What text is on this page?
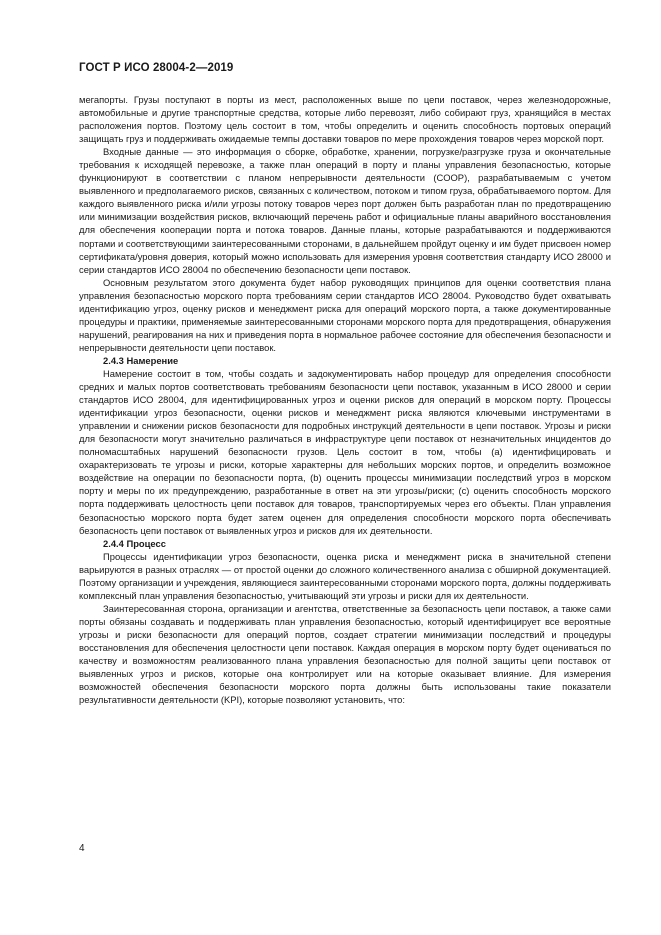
ГОСТ Р ИСО 28004-2—2019

мегапорты. Грузы поступают в порты из мест, расположенных выше по цепи поставок, через железнодорожные, автомобильные и другие транспортные средства, которые либо перевозят, либо собирают груз, хранящийся в местах расположения портов. Поэтому цель состоит в том, чтобы определить и оценить способность портовых операций защищать груз и поддерживать ожидаемые темпы доставки товаров по мере прохождения товаров через морской порт.

Входные данные — это информация о сборке, обработке, хранении, погрузке/разгрузке груза и окончательные требования к исходящей перевозке, а также план операций в порту и планы управления безопасностью, которые функционируют в соответствии с планом непрерывности деятельности (COOP), разрабатываемым с учетом выявленного и предполагаемого рисков, связанных с количеством, потоком и типом груза, обрабатываемого портом. Для каждого выявленного риска и/или угрозы потоку товаров через порт должен быть разработан план по предотвращению или минимизации воздействия рисков, включающий перечень работ и официальные планы аварийного восстановления для обеспечения кооперации порта и потока товаров. Данные планы, которые разрабатываются и поддерживаются портами и соответствующими заинтересованными сторонами, в дальнейшем пройдут оценку и им будет присвоен номер сертификата/уровня доверия, который можно использовать для измерения уровня соответствия стандарту ИСО 28000 и серии стандартов ИСО 28004 по обеспечению безопасности цепи поставок.

Основным результатом этого документа будет набор руководящих принципов для оценки соответствия плана управления безопасностью морского порта требованиям серии стандартов ИСО 28004. Руководство будет охватывать идентификацию угроз, оценку рисков и менеджмент риска для операций морского порта, а также документированные процедуры и практики, применяемые заинтересованными сторонами морского порта для предотвращения, обнаружения нарушений, реагирования на них и приведения порта в нормальное рабочее состояние для обеспечения безопасности и непрерывности деятельности цепи поставок.

2.4.3 Намерение

Намерение состоит в том, чтобы создать и задокументировать набор процедур для определения способности средних и малых портов соответствовать требованиям безопасности цепи поставок, указанным в ИСО 28000 и серии стандартов ИСО 28004, для идентифицированных угроз и оценки рисков для операций в морском порту. Процессы идентификации угроз безопасности, оценки рисков и менеджмент риска являются ключевыми инструментами в управлении и снижении рисков безопасности для подробных инструкций деятельности в цепи поставок. Угрозы и риски для безопасности могут значительно различаться в инфраструктуре цепи поставок от незначительных инцидентов до полномасштабных нарушений безопасности грузов. Цель состоит в том, чтобы (a) идентифицировать и охарактеризовать те угрозы и риски, которые характерны для небольших морских портов, и определить возможное воздействие на операции по безопасности порта, (b) оценить процессы минимизации последствий угроз в морском порту и меры по их предупреждению, разработанные в ответ на эти угрозы/риски; (c) оценить способность морского порта поддерживать целостность цепи поставок для товаров, транспортируемых через его объекты. План управления безопасностью морского порта будет затем оценен для определения способности морского порта обеспечивать безопасность цепи поставок от выявленных угроз и рисков для их деятельности.

2.4.4 Процесс

Процессы идентификации угроз безопасности, оценка риска и менеджмент риска в значительной степени варьируются в разных отраслях — от простой оценки до сложного количественного анализа с обширной документацией. Поэтому организации и учреждения, являющиеся заинтересованными сторонами морского порта, должны поддерживать комплексный план управления безопасностью, учитывающий эти угрозы и риски для их деятельности.

Заинтересованная сторона, организации и агентства, ответственные за безопасность цепи поставок, а также сами порты обязаны создавать и поддерживать план управления безопасностью, который идентифицирует все вероятные угрозы и риски безопасности для операций портов, создает стратегии минимизации последствий и процедуры восстановления для обеспечения целостности цепи поставок. Каждая операция в морском порту будет оцениваться по качеству и возможностям реализованного плана управления безопасностью для полной защиты цепи поставок от выявленных угроз и рисков, которые она контролирует или на которые оказывает влияние. Для измерения возможностей обеспечения безопасности морского порта должны быть использованы такие показатели результативности деятельности (KPI), которые позволяют установить, что:

4
